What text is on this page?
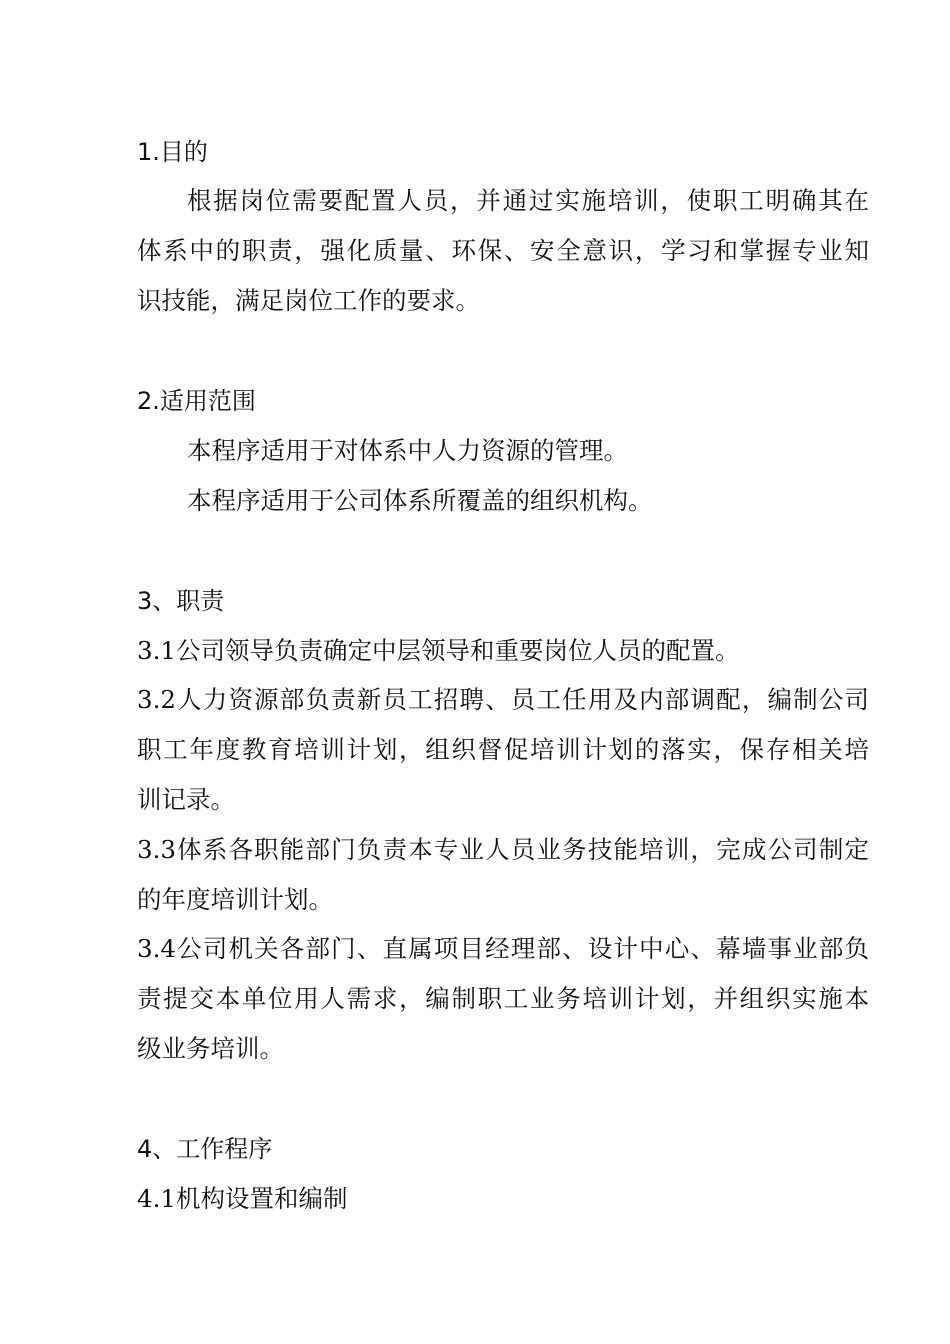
1.目的
根据岗位需要配置人员，并通过实施培训，使职工明确其在
体系中的职责，强化质量、环保、安全意识，学习和掌握专业知
识技能，满足岗位工作的要求。
2.适用范围
本程序适用于对体系中人力资源的管理。
本程序适用于公司体系所覆盖的组织机构。
3、职责
3.1公司领导负责确定中层领导和重要岗位人员的配置。
3.2人力资源部负责新员工招聘、员工任用及内部调配，编制公司
职工年度教育培训计划，组织督促培训计划的落实，保存相关培
训记录。
3.3体系各职能部门负责本专业人员业务技能培训，完成公司制定
的年度培训计划。
3.4公司机关各部门、直属项目经理部、设计中心、幕墙事业部负
责提交本单位用人需求，编制职工业务培训计划，并组织实施本
级业务培训。
4、工作程序
4.1机构设置和编制
